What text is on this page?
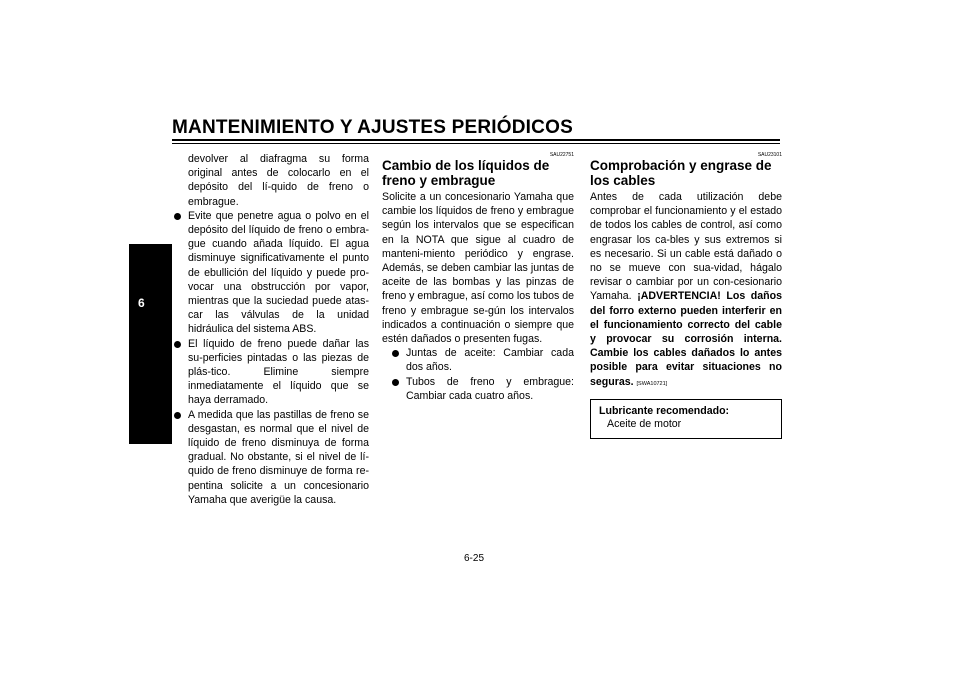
MANTENIMIENTO Y AJUSTES PERIÓDICOS
6

devolver al diafragma su forma original antes de colocarlo en el depósito del lí-quido de freno o embrague.

Evite que penetre agua o polvo en el depósito del líquido de freno o embra-gue cuando añada líquido. El agua disminuye significativamente el punto de ebullición del líquido y puede pro-vocar una obstrucción por vapor, mientras que la suciedad puede atas-car las válvulas de la unidad hidráulica del sistema ABS.
El líquido de freno puede dañar las su-perficies pintadas o las piezas de plás-tico. Elimine siempre inmediatamente el líquido que se haya derramado.
A medida que las pastillas de freno se desgastan, es normal que el nivel de líquido de freno disminuya de forma gradual. No obstante, si el nivel de lí-quido de freno disminuye de forma re-pentina solicite a un concesionario Yamaha que averigüe la causa.
SAU22751
Cambio de los líquidos de freno y embrague

Solicite a un concesionario Yamaha que cambie los líquidos de freno y embrague según los intervalos que se especifican en la NOTA que sigue al cuadro de manteni-miento periódico y engrase. Además, se deben cambiar las juntas de aceite de las bombas y las pinzas de freno y embrague, así como los tubos de freno y embrague se-gún los intervalos indicados a continuación o siempre que estén dañados o presenten fugas.

Juntas de aceite: Cambiar cada dos años.
Tubos de freno y embrague: Cambiar cada cuatro años.
SAU23101
Comprobación y engrase de los cables

Antes de cada utilización debe comprobar el funcionamiento y el estado de todos los cables de control, así como engrasar los ca-bles y sus extremos si es necesario. Si un cable está dañado o no se mueve con sua-vidad, hágalo revisar o cambiar por un con-cesionario Yamaha. ¡ADVERTENCIA! Los daños del forro externo pueden interferir en el funcionamiento correcto del cable y provocar su corrosión interna. Cambie los cables dañados lo antes posible para evitar situaciones no seguras. [SWA10721]

Lubricante recomendado:
Aceite de motor
6-25
